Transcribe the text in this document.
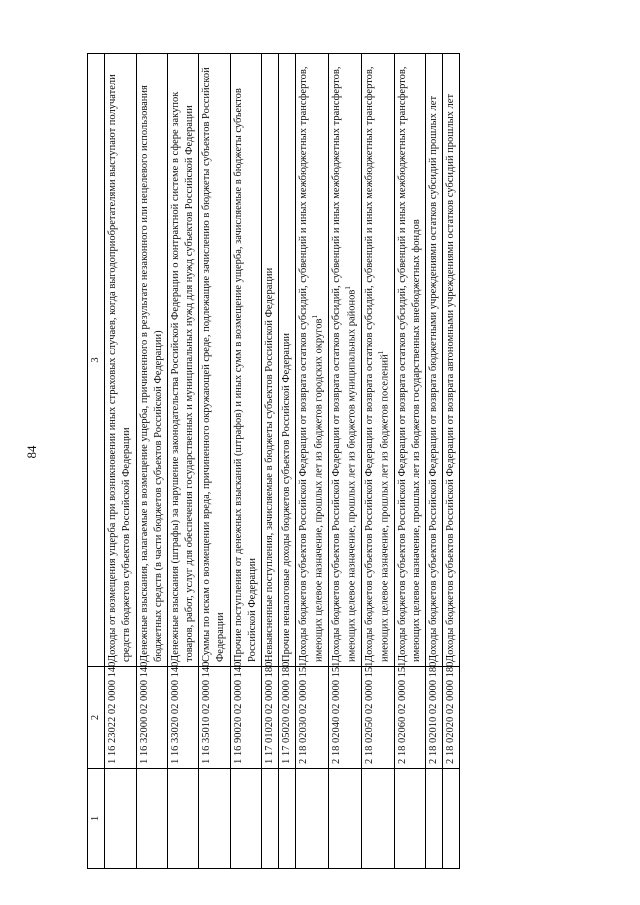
84
1	2	3
	1 16 23022 02 0000 140	Доходы от возмещения ущерба при возникновении иных страховых случаев, когда выгодоприобретателями выступают получатели средств бюджетов субъектов Российской Федерации
	1 16 32000 02 0000 140	Денежные взыскания, налагаемые в возмещение ущерба, причиненного в результате незаконного или нецелевого использования бюджетных средств (в части бюджетов субъектов Российской Федерации)
	1 16 33020 02 0000 140	Денежные взыскания (штрафы) за нарушение законодательства Российской Федерации о контрактной системе в сфере закупок товаров, работ, услуг для обеспечения государственных и муниципальных нужд для нужд субъектов Российской Федерации
	1 16 35010 02 0000 140	Суммы по искам о возмещении вреда, причиненного окружающей среде, подлежащие зачислению в бюджеты субъектов Российской Федерации
	1 16 90020 02 0000 140	Прочие поступления от денежных взысканий (штрафов) и иных сумм в возмещение ущерба, зачисляемые в бюджеты субъектов Российской Федерации
	1 17 01020 02 0000 180	Невыясненные поступления, зачисляемые в бюджеты субъектов Российской Федерации
	1 17 05020 02 0000 180	Прочие неналоговые доходы бюджетов субъектов Российской Федерации
	2 18 02030 02 0000 151	Доходы бюджетов субъектов Российской Федерации от возврата остатков субсидий, субвенций и иных межбюджетных трансфертов, имеющих целевое назначение, прошлых лет из бюджетов городских округов$^1$
	2 18 02040 02 0000 151	Доходы бюджетов субъектов Российской Федерации от возврата остатков субсидий, субвенций и иных межбюджетных трансфертов, имеющих целевое назначение, прошлых лет из бюджетов муниципальных районов$^1$
	2 18 02050 02 0000 151	Доходы бюджетов субъектов Российской Федерации от возврата остатков субсидий, субвенций и иных межбюджетных трансфертов, имеющих целевое назначение, прошлых лет из бюджетов поселений$^1$
	2 18 02060 02 0000 151	Доходы бюджетов субъектов Российской Федерации от возврата остатков субсидий, субвенций и иных межбюджетных трансфертов, имеющих целевое назначение, прошлых лет из бюджетов государственных внебюджетных фондов
	2 18 02010 02 0000 180	Доходы бюджетов субъектов Российской Федерации от возврата бюджетными учреждениями остатков субсидий прошлых лет
	2 18 02020 02 0000 180	Доходы бюджетов субъектов Российской Федерации от возврата автономными учреждениями остатков субсидий прошлых лет
